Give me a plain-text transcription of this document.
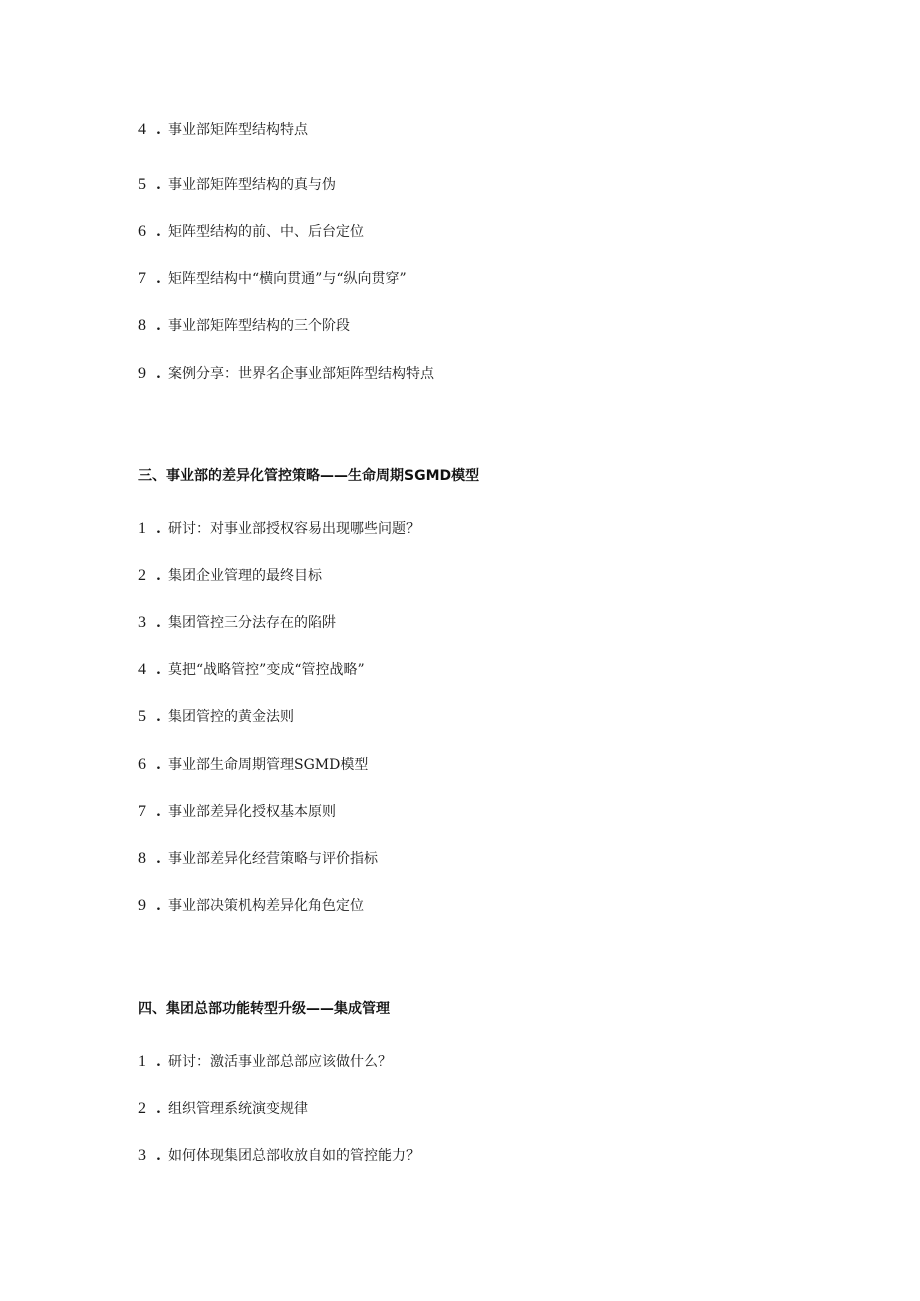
4 . 事业部矩阵型结构特点
5 . 事业部矩阵型结构的真与伪
6 . 矩阵型结构的前、中、后台定位
7 . 矩阵型结构中“横向贯通”与“纵向贯穿”
8 . 事业部矩阵型结构的三个阶段
9 . 案例分享：世界名企事业部矩阵型结构特点
三、事业部的差异化管控策略——生命周期SGMD模型
1 . 研讨：对事业部授权容易出现哪些问题？
2 . 集团企业管理的最终目标
3 . 集团管控三分法存在的陷阱
4 . 莫把“战略管控”变成“管控战略”
5 . 集团管控的黄金法则
6 . 事业部生命周期管理SGMD模型
7 . 事业部差异化授权基本原则
8 . 事业部差异化经营策略与评价指标
9 . 事业部决策机构差异化角色定位
四、集团总部功能转型升级——集成管理
1 . 研讨：激活事业部总部应该做什么？
2 . 组织管理系统演变规律
3 . 如何体现集团总部收放自如的管控能力？
